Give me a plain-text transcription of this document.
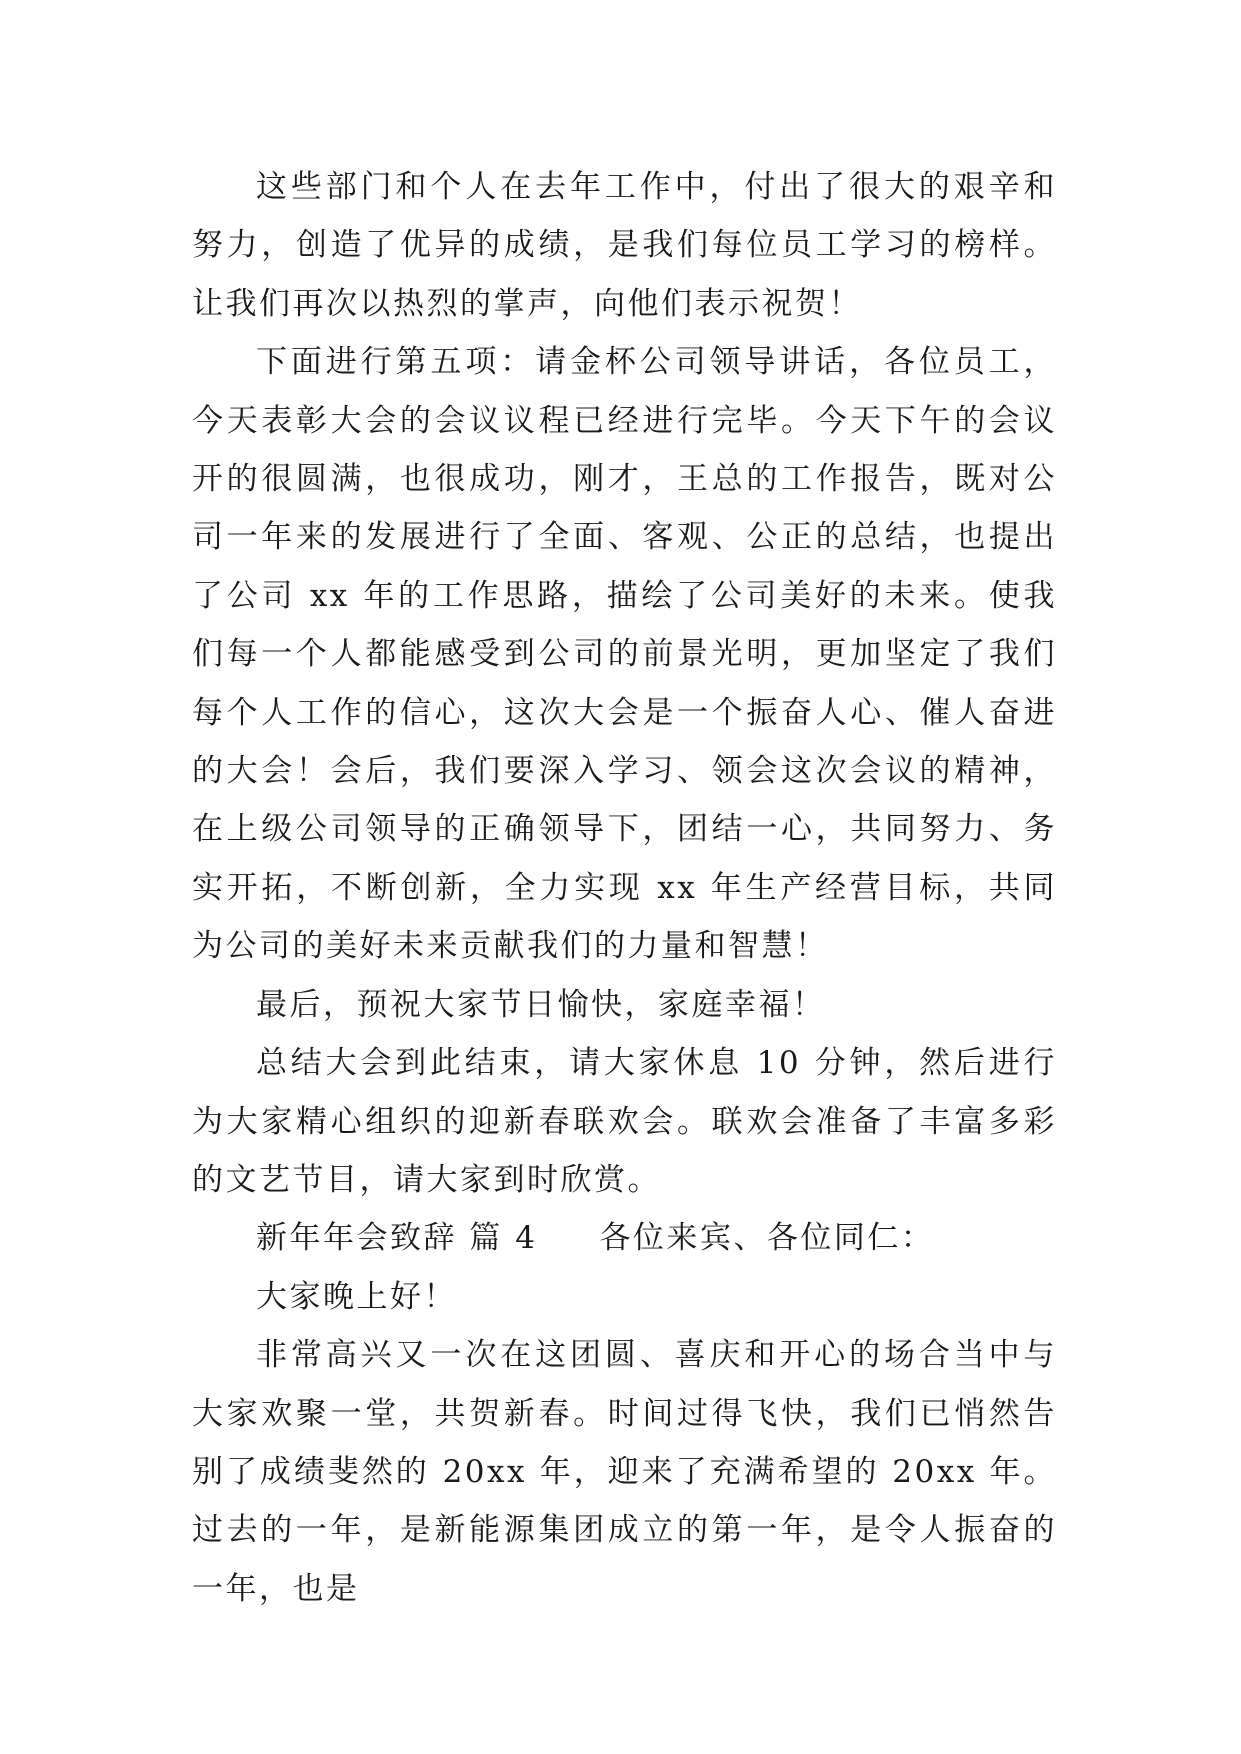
这些部门和个人在去年工作中，付出了很大的艰辛和努力，创造了优异的成绩，是我们每位员工学习的榜样。让我们再次以热烈的掌声，向他们表示祝贺！

下面进行第五项：请金杯公司领导讲话，各位员工，今天表彰大会的会议议程已经进行完毕。今天下午的会议开的很圆满，也很成功，刚才，王总的工作报告，既对公司一年来的发展进行了全面、客观、公正的总结，也提出了公司 xx 年的工作思路，描绘了公司美好的未来。使我们每一个人都能感受到公司的前景光明，更加坚定了我们每个人工作的信心，这次大会是一个振奋人心、催人奋进的大会！会后，我们要深入学习、领会这次会议的精神，在上级公司领导的正确领导下，团结一心，共同努力、务实开拓，不断创新，全力实现 xx 年生产经营目标，共同为公司的美好未来贡献我们的力量和智慧！

最后，预祝大家节日愉快，家庭幸福！

总结大会到此结束，请大家休息 10 分钟，然后进行为大家精心组织的迎新春联欢会。联欢会准备了丰富多彩的文艺节目，请大家到时欣赏。

新年年会致辞 篇 4 各位来宾、各位同仁：

大家晚上好！

非常高兴又一次在这团圆、喜庆和开心的场合当中与大家欢聚一堂，共贺新春。时间过得飞快，我们已悄然告别了成绩斐然的 20xx 年，迎来了充满希望的 20xx 年。过去的一年，是新能源集团成立的第一年，是令人振奋的一年，也是
